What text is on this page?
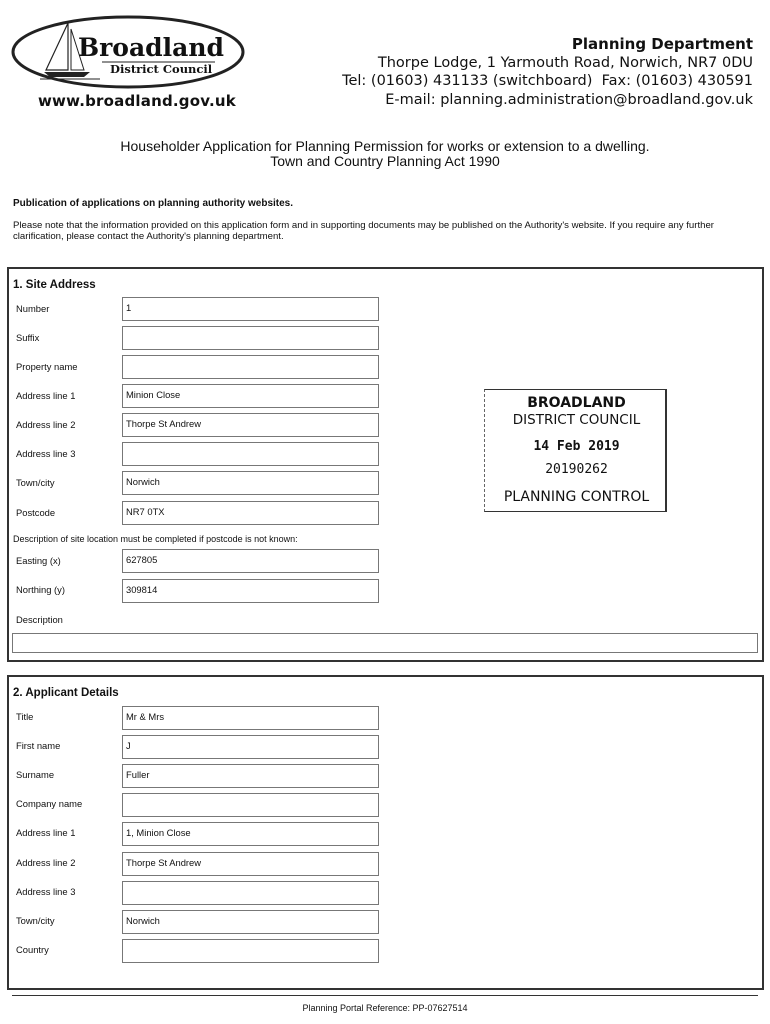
Broadland
District Council
www.broadland.gov.uk
Planning Department
Thorpe Lodge, 1 Yarmouth Road, Norwich, NR7 0DU
Tel: (01603) 431133 (switchboard)  Fax: (01603) 430591
E-mail: planning.administration@broadland.gov.uk
Householder Application for Planning Permission for works or extension to a dwelling.
Town and Country Planning Act 1990
Publication of applications on planning authority websites.
Please note that the information provided on this application form and in supporting documents may be published on the Authority's website. If you require any further clarification, please contact the Authority's planning department.
1. Site Address
Number	1
Suffix
Property name
Address line 1	Minion Close
Address line 2	Thorpe St Andrew
Address line 3
Town/city	Norwich
Postcode	NR7 0TX
Description of site location must be completed if postcode is not known:
Easting (x)	627805
Northing (y)	309814
Description
BROADLAND
DISTRICT COUNCIL
14 Feb 2019
20190262
PLANNING CONTROL
2. Applicant Details
Title	Mr & Mrs
First name	J
Surname	Fuller
Company name
Address line 1	1, Minion Close
Address line 2	Thorpe St Andrew
Address line 3
Town/city	Norwich
Country
Planning Portal Reference: PP-07627514
